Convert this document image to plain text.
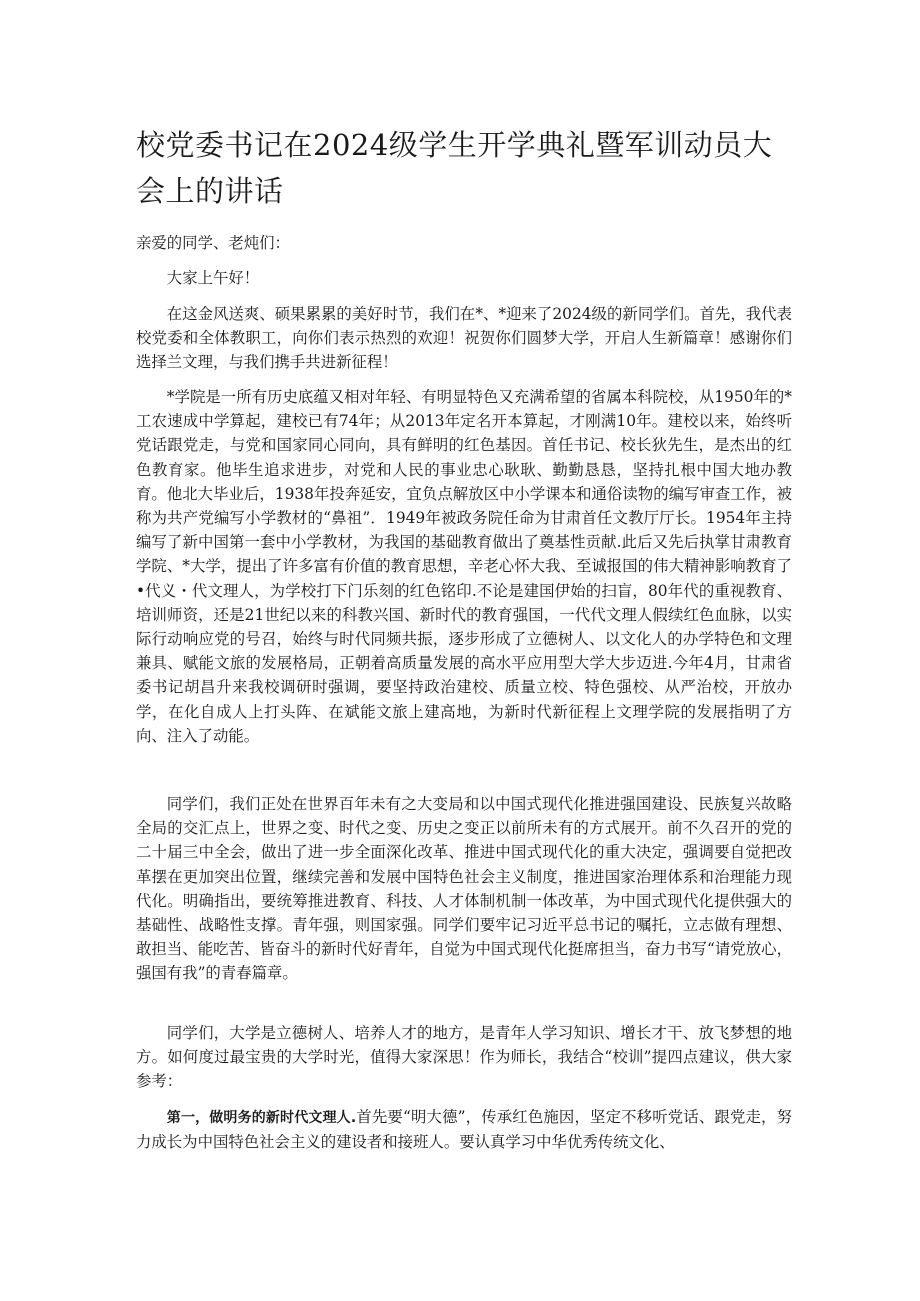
校党委书记在2024级学生开学典礼暨军训动员大会上的讲话

亲爱的同学、老炖们：

大家上午好！

在这金风送爽、硕果累累的美好时节，我们在*、*迎来了2024级的新同学们。首先，我代表校党委和全体教职工，向你们表示热烈的欢迎！祝贺你们圆梦大学，开启人生新篇章！感谢你们选择兰文理，与我们携手共进新征程！

*学院是一所有历史底蕴又相对年轻、有明显特色又充满希望的省属本科院校，从1950年的*工农速成中学算起，建校已有74年；从2013年定名开本算起，才刚满10年。建校以来，始终听党话跟党走，与党和国家同心同向，具有鲜明的红色基因。首任书记、校长狄先生，是杰出的红色教育家。他毕生追求进步，对党和人民的事业忠心耿耿、勤勤恳恳，坚持扎根中国大地办教育。他北大毕业后，1938年投奔延安，宜负点解放区中小学课本和通俗读物的编写审查工作，被称为共产党编写小学教材的“鼻祖”．1949年被政务院任命为甘肃首任文教厅厅长。1954年主持编写了新中国第一套中小学教材，为我国的基础教育做出了奠基性贡献.此后又先后执掌甘肃教育学院、*大学，提出了许多富有价值的教育思想，辛老心怀大我、至诚报国的伟大精神影响教育了•代义・代文理人，为学校打下门乐刻的红色铭印.不论是建国伊始的扫盲，80年代的重视教育、培训师资，还是21世纪以来的科教兴国、新时代的教育强国，一代代文理人假续红色血脉，以实际行动响应党的号召，始终与时代同频共振，逐步形成了立德树人、以文化人的办学特色和文理兼具、赋能文旅的发展格局，正朝着高质量发展的高水平应用型大学大步迈进.今年4月，甘肃省委书记胡昌升来我校调研时强调，要坚持政治建校、质量立校、特色强校、从严治校，开放办学，在化自成人上打头阵、在斌能文旅上建高地，为新时代新征程上文理学院的发展指明了方向、注入了动能。

同学们，我们正处在世界百年未有之大变局和以中国式现代化推进强国建设、民族复兴故略全局的交汇点上，世界之变、时代之变、历史之变正以前所未有的方式展开。前不久召开的党的二十届三中全会，做出了进一步全面深化改革、推进中国式现代化的重大决定，强调要自觉把改革摆在更加突出位置，继续完善和发展中国特色社会主义制度，推进国家治理体系和治理能力现代化。明确指出，要统筹推进教育、科技、人才体制机制一体改革，为中国式现代化提供强大的基础性、战略性支撑。青年强，则国家强。同学们要牢记习近平总书记的嘱托，立志做有理想、敢担当、能吃苦、皆奋斗的新时代好青年，自觉为中国式现代化挺席担当，奋力书写“请党放心，强国有我”的青春篇章。

同学们，大学是立德树人、培养人才的地方，是青年人学习知识、增长才干、放飞梦想的地方。如何度过最宝贵的大学时光，值得大家深思！作为师长，我结合“校训”提四点建议，供大家参考：

第一，做明务的新时代文理人.首先要“明大德”，传承红色施因，坚定不移听党话、跟党走，努力成长为中国特色社会主义的建设者和接班人。要认真学习中华优秀传统文化、
